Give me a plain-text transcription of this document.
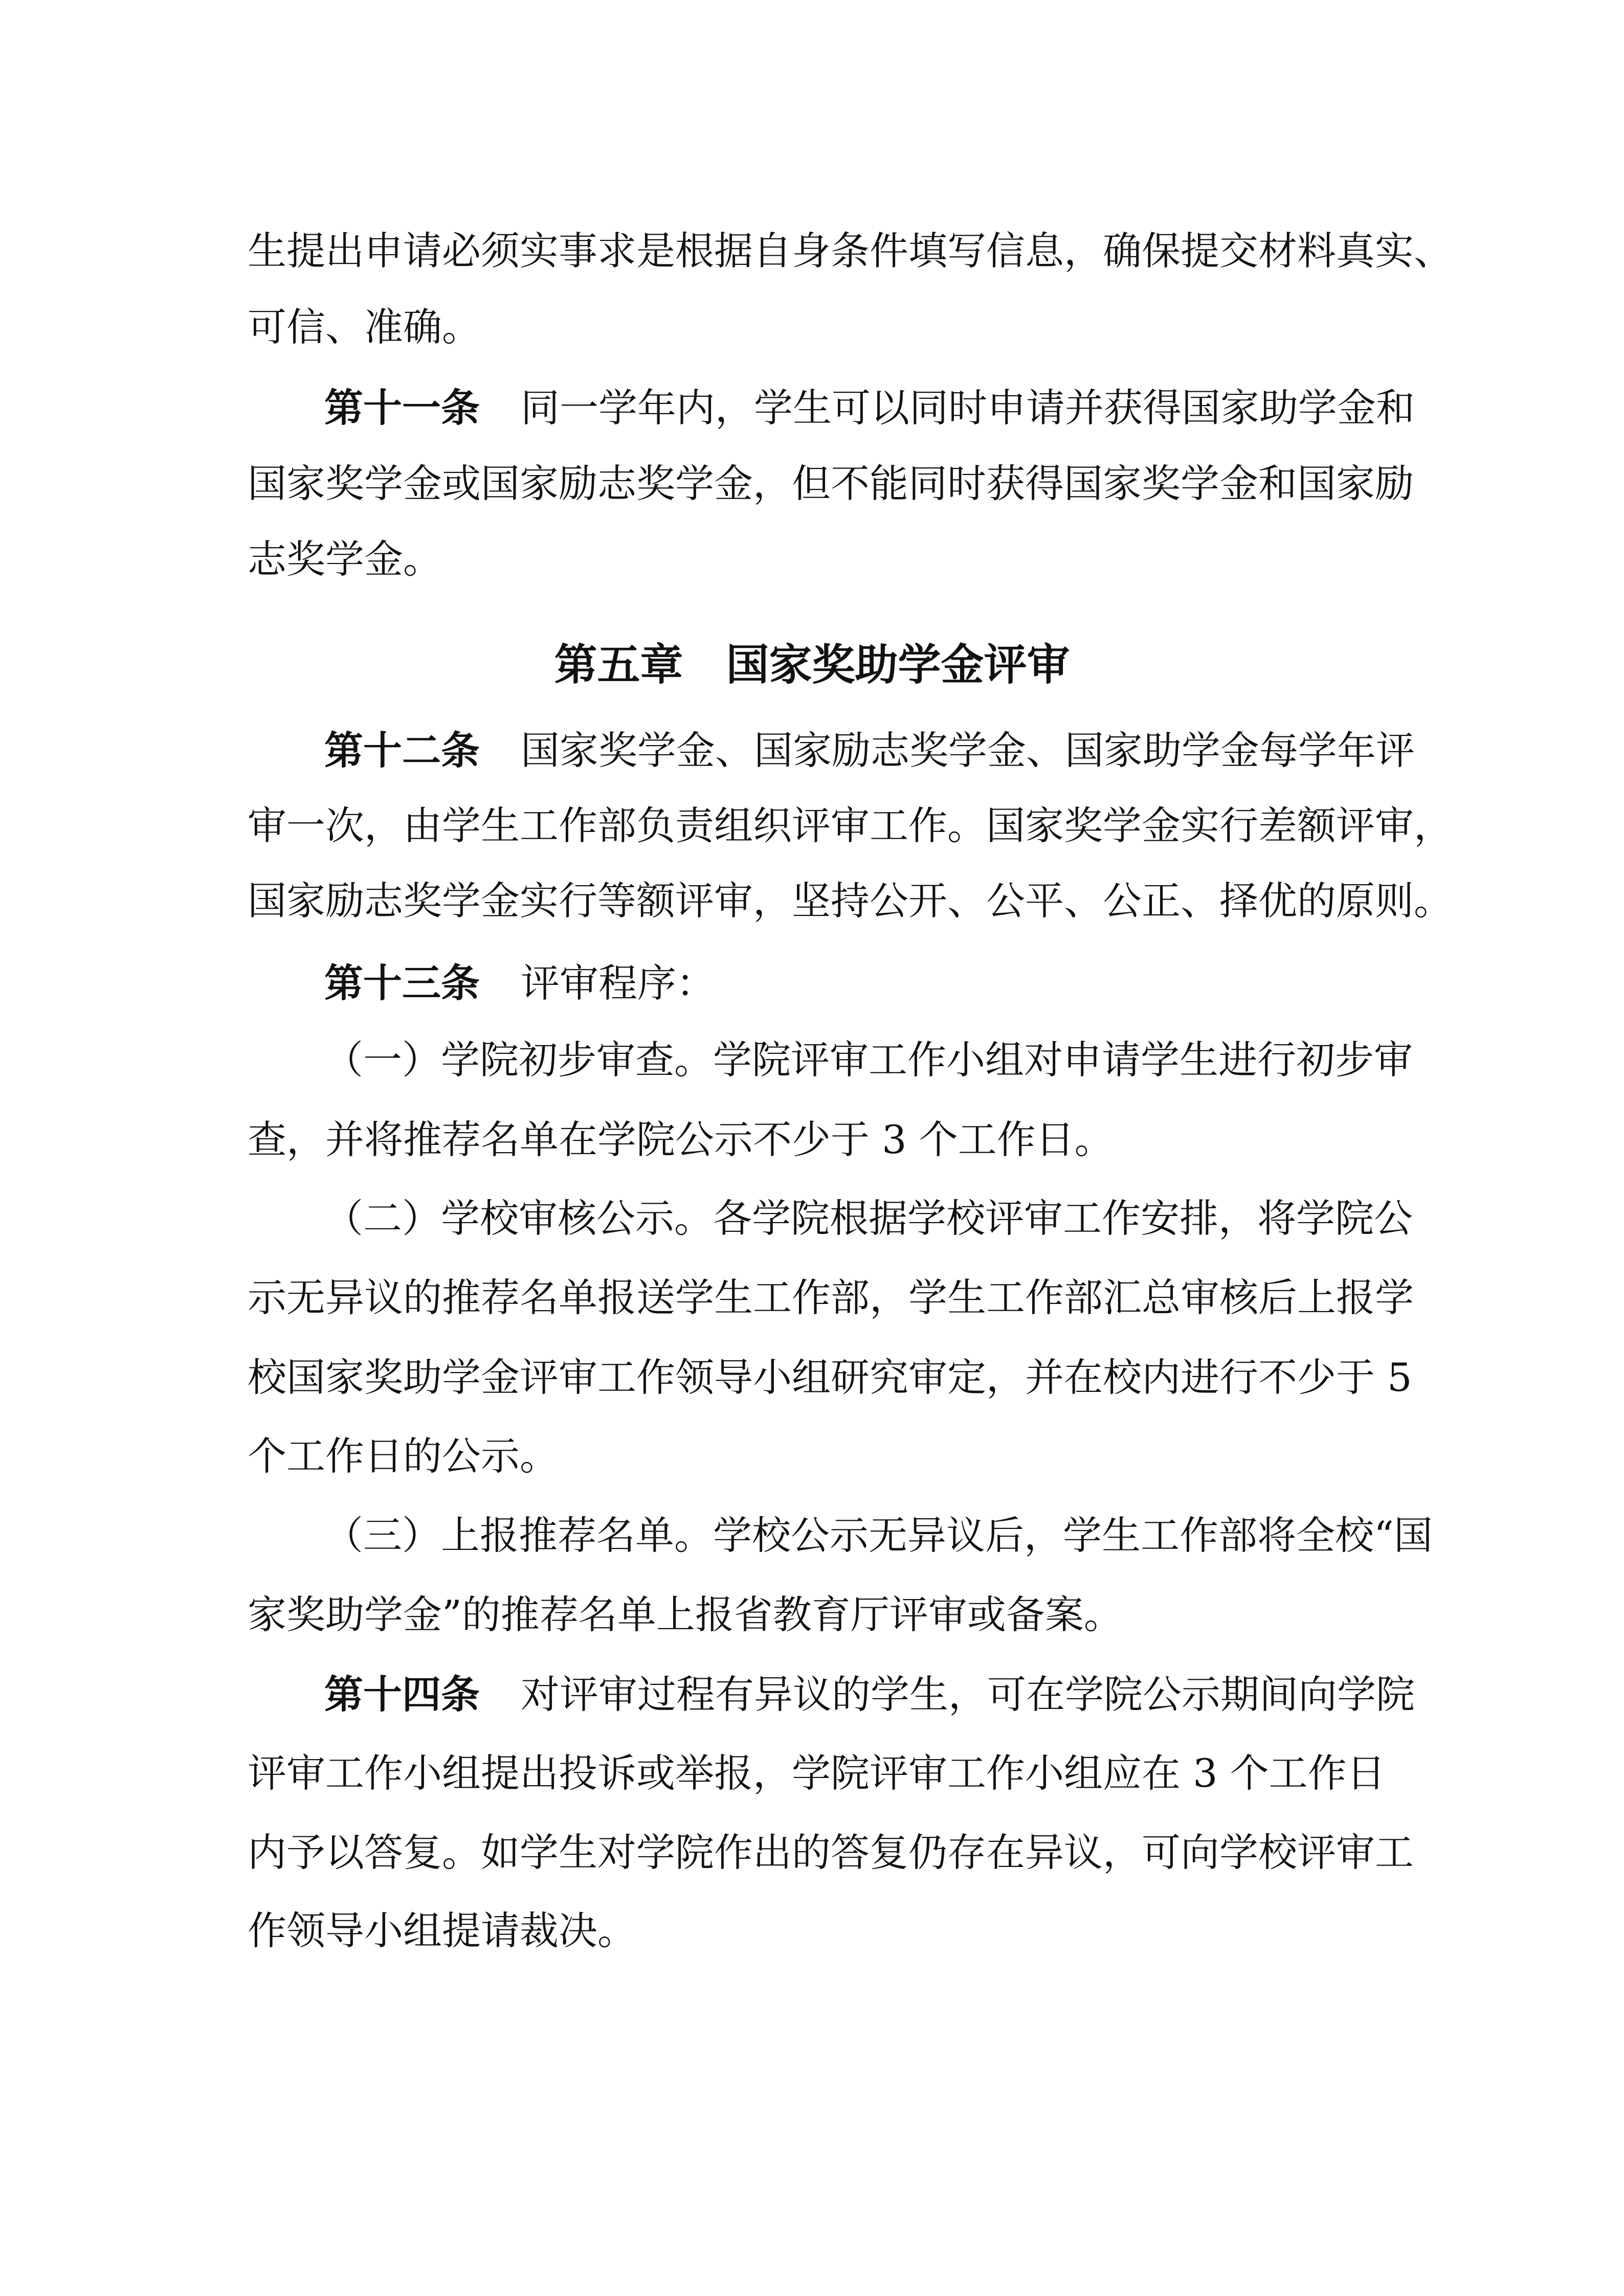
生提出申请必须实事求是根据自身条件填写信息，确保提交材料真实、
可信、准确。
第十一条 同一学年内，学生可以同时申请并获得国家助学金和
国家奖学金或国家励志奖学金，但不能同时获得国家奖学金和国家励
志奖学金。
第五章　国家奖助学金评审
第十二条 国家奖学金、国家励志奖学金、国家助学金每学年评
审一次，由学生工作部负责组织评审工作。国家奖学金实行差额评审，
国家励志奖学金实行等额评审，坚持公开、公平、公正、择优的原则。
第十三条 评审程序：
（一）学院初步审查。学院评审工作小组对申请学生进行初步审
查，并将推荐名单在学院公示不少于 3 个工作日。
（二）学校审核公示。各学院根据学校评审工作安排，将学院公
示无异议的推荐名单报送学生工作部，学生工作部汇总审核后上报学
校国家奖助学金评审工作领导小组研究审定，并在校内进行不少于 5
个工作日的公示。
（三）上报推荐名单。学校公示无异议后，学生工作部将全校“国
家奖助学金”的推荐名单上报省教育厅评审或备案。
第十四条 对评审过程有异议的学生，可在学院公示期间向学院
评审工作小组提出投诉或举报，学院评审工作小组应在 3 个工作日
内予以答复。如学生对学院作出的答复仍存在异议，可向学校评审工
作领导小组提请裁决。
